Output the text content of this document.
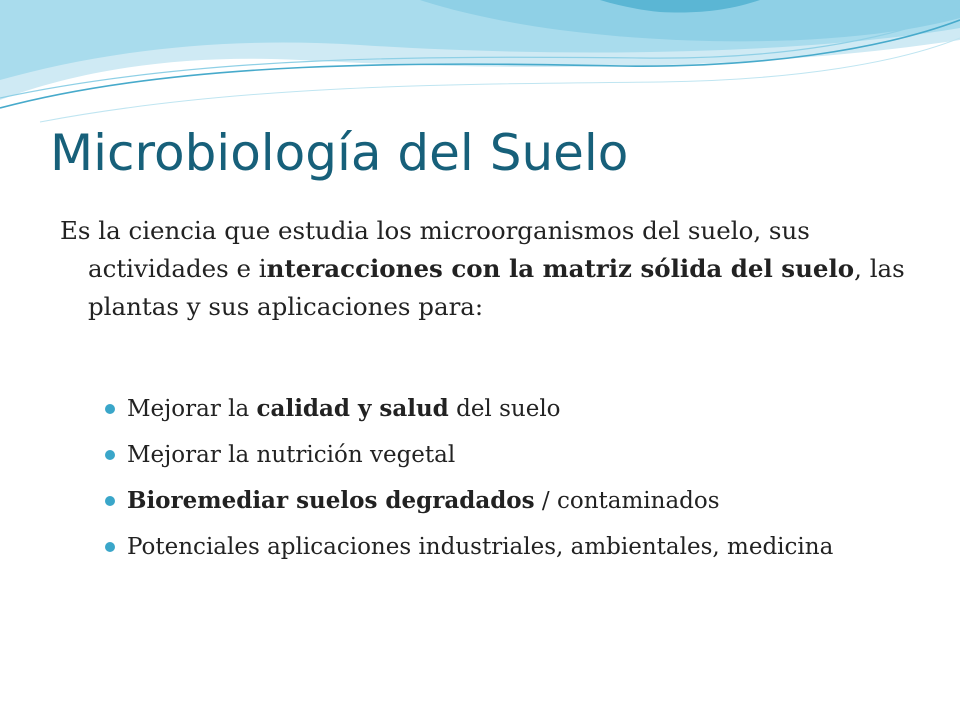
Microbiología del Suelo

Es la ciencia que estudia los microorganismos del suelo, sus actividades e interacciones con la matriz sólida del suelo, las plantas y sus aplicaciones para:

Mejorar la calidad y salud del suelo
Mejorar la nutrición vegetal
Bioremediar suelos degradados / contaminados
Potenciales aplicaciones industriales, ambientales, medicina
